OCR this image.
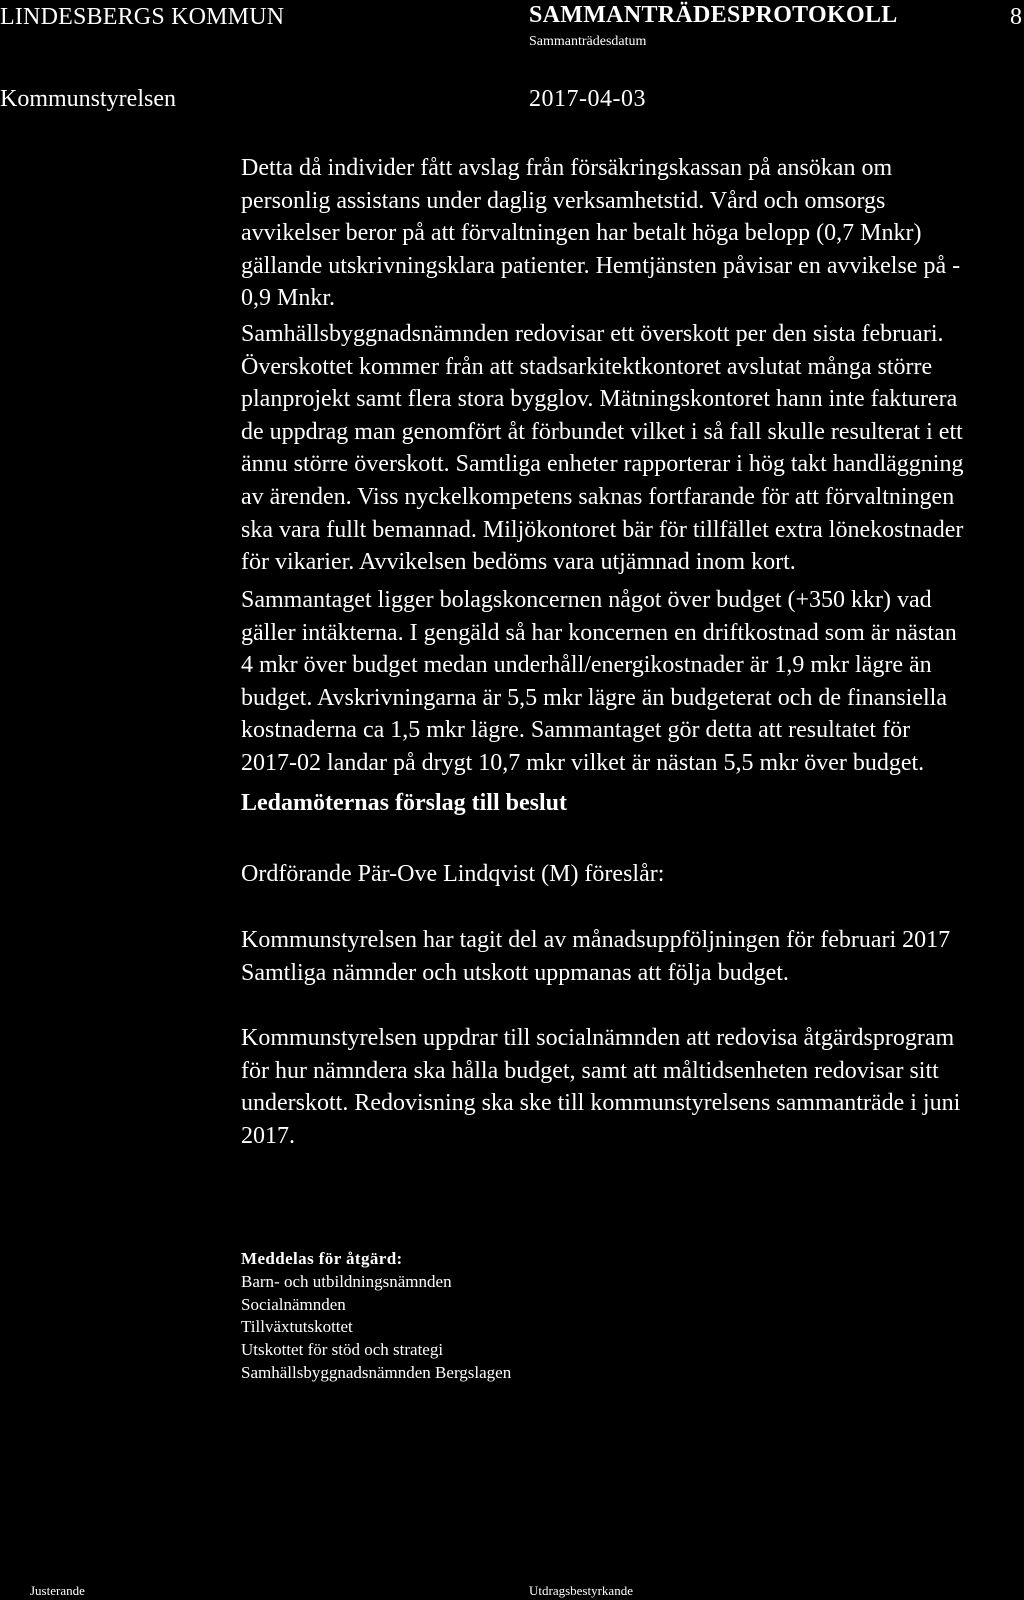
LINDESBERGS KOMMUN	SAMMANTRÄDESPROTOKOLL
Sammanträdesdatum
8
Kommunstyrelsen	2017-04-03
Detta då individer fått avslag från försäkringskassan på ansökan om
personlig assistans under daglig verksamhetstid. Vård och omsorgs
avvikelser beror på att förvaltningen har betalt höga belopp (0,7 Mnkr)
gällande utskrivningsklara patienter. Hemtjänsten påvisar en avvikelse på -
0,9 Mnkr.
Samhällsbyggnadsnämnden redovisar ett överskott per den sista februari.
Överskottet kommer från att stadsarkitektkontoret avslutat många större
planprojekt samt flera stora bygglov. Mätningskontoret hann inte fakturera
de uppdrag man genomfört åt förbundet vilket i så fall skulle resulterat i ett
ännu större överskott. Samtliga enheter rapporterar i hög takt handläggning
av ärenden. Viss nyckelkompetens saknas fortfarande för att förvaltningen
ska vara fullt bemannad. Miljökontoret bär för tillfället extra lönekostnader
för vikarier. Avvikelsen bedöms vara utjämnad inom kort.
Sammantaget ligger bolagskoncernen något över budget (+350 kkr) vad
gäller intäkterna. I gengäld så har koncernen en driftkostnad som är nästan
4 mkr över budget medan underhåll/energikostnader är 1,9 mkr lägre än
budget. Avskrivningarna är 5,5 mkr lägre än budgeterat och de finansiella
kostnaderna ca 1,5 mkr lägre. Sammantaget gör detta att resultatet för
2017-02 landar på drygt 10,7 mkr vilket är nästan 5,5 mkr över budget.
Ledamöternas förslag till beslut
Ordförande Pär-Ove Lindqvist (M) föreslår:
Kommunstyrelsen har tagit del av månadsuppföljningen för februari 2017
Samtliga nämnder och utskott uppmanas att följa budget.
Kommunstyrelsen uppdrar till socialnämnden att redovisa åtgärdsprogram
för hur nämndera ska hålla budget, samt att måltidsenheten redovisar sitt
underskott. Redovisning ska ske till kommunstyrelsens sammanträde i juni
2017.
Meddelas för åtgärd:
Barn- och utbildningsnämnden
Socialnämnden
Tillväxtutskottet
Utskottet för stöd och strategi
Samhällsbyggnadsnämnden Bergslagen
Justerande	Utdragsbestyrkande
